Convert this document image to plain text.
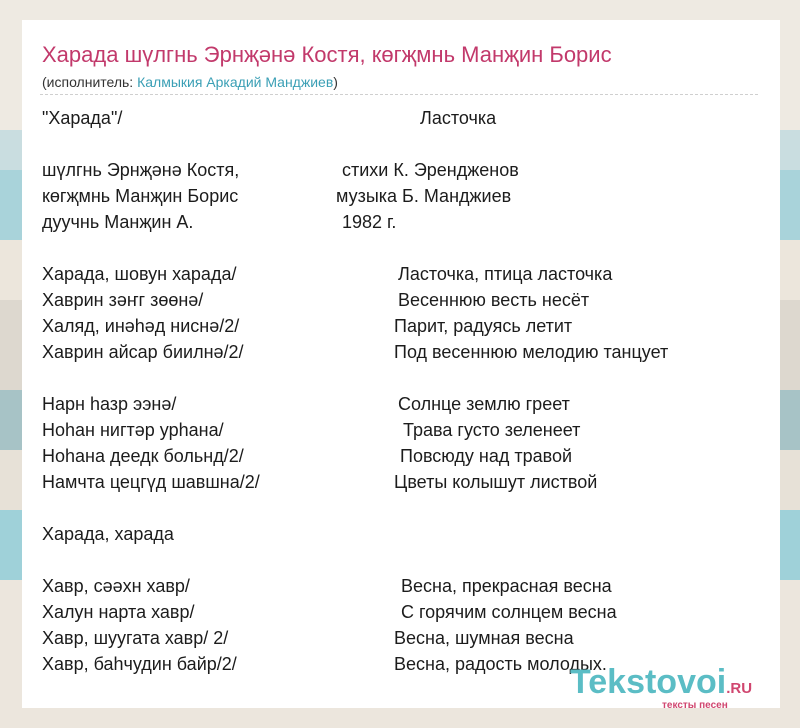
Харада шүлгнь Эрнҗәнә Костя, көгҗмнь Манҗин Борис
(исполнитель: Калмыкия Аркадий Манджиев)
"Харада"/	Ласточка
шүлгнь Эрнҗәнә Костя,	стихи К. Эрендженов
көгҗмнь Манҗин Борис	музыка Б. Манджиев
дуучнь Манҗин А.	1982 г.
Харада, шовун харада/	Ласточка, птица ласточка
Хаврин зәҥг зөөнә/	Весеннюю весть несёт
Халяд, инәһәд ниснә/2/	Парит, радуясь летит
Хаврин айсар биилнә/2/	Под весеннюю мелодию танцует
Нарн һазр ээнә/	Солнце землю греет
Ноһан нигтәр урһана/	Трава густо зеленеет
Ноһана деедк больнд/2/	Повсюду над травой
Намчта цецгүд шавшна/2/	Цветы колышут листвой
Харада, харада
Хавр, сәәхн хавр/	Весна, прекрасная весна
Халун нарта хавр/	С горячим солнцем весна
Хавр, шуугата хавр/ 2/	Весна, шумная весна
Хавр, баһчудин байр/2/	Весна, радость молодых.
Tekstovoi.RU
тексты песен
